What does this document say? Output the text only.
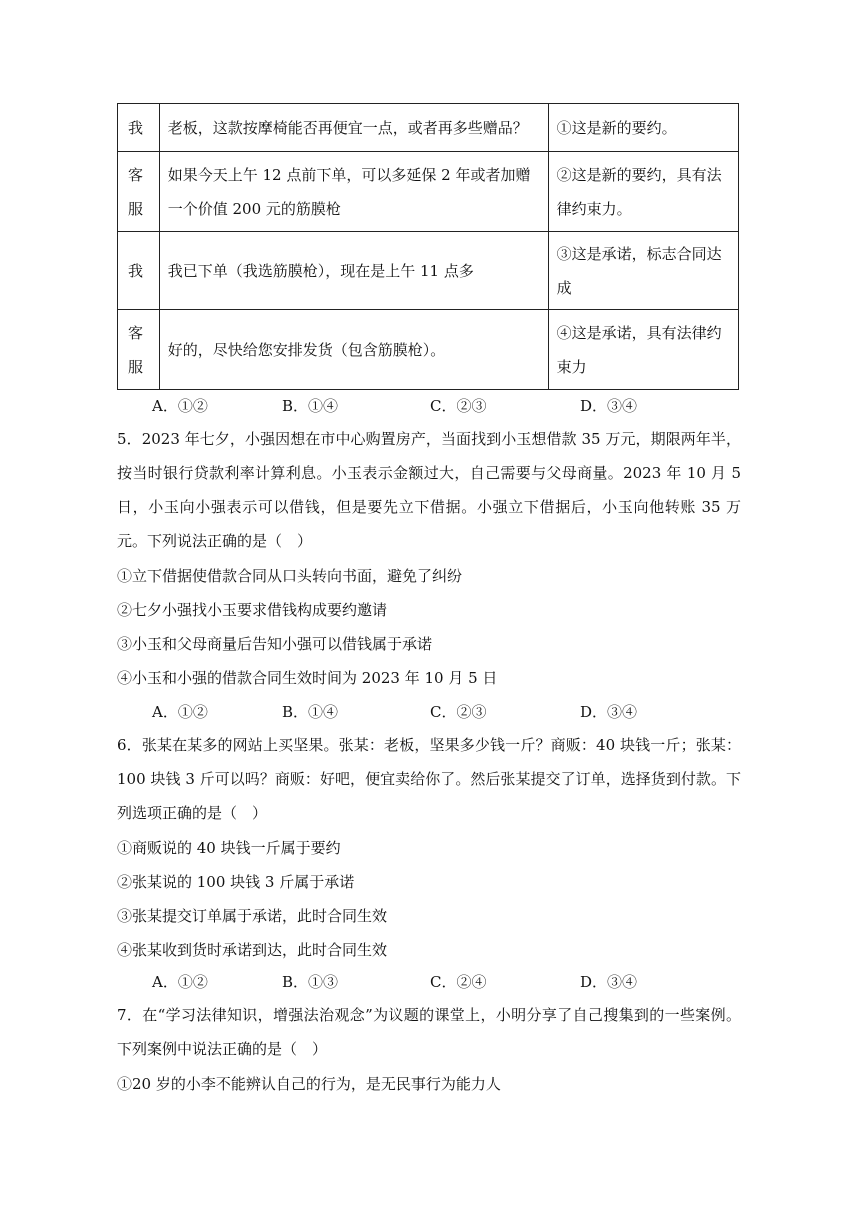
我	老板，这款按摩椅能否再便宜一点，或者再多些赠品？	①这是新的要约。
客服	如果今天上午 12 点前下单，可以多延保 2 年或者加赠一个价值 200 元的筋膜枪	②这是新的要约，具有法律约束力。
我	我已下单（我选筋膜枪），现在是上午 11 点多	③这是承诺，标志合同达成
客服	好的，尽快给您安排发货（包含筋膜枪）。	④这是承诺，具有法律约束力
A．①②	B．①④	C．②③	D．③④
5．2023 年七夕，小强因想在市中心购置房产，当面找到小玉想借款 35 万元，期限两年半，按当时银行贷款利率计算利息。小玉表示金额过大，自己需要与父母商量。2023 年 10 月 5 日，小玉向小强表示可以借钱，但是要先立下借据。小强立下借据后，小玉向他转账 35 万元。下列说法正确的是（　）
①立下借据使借款合同从口头转向书面，避免了纠纷
②七夕小强找小玉要求借钱构成要约邀请
③小玉和父母商量后告知小强可以借钱属于承诺
④小玉和小强的借款合同生效时间为 2023 年 10 月 5 日
A．①②	B．①④	C．②③	D．③④
6．张某在某多的网站上买坚果。张某：老板，坚果多少钱一斤？商贩：40 块钱一斤；张某：100 块钱 3 斤可以吗？商贩：好吧，便宜卖给你了。然后张某提交了订单，选择货到付款。下列选项正确的是（　）
①商贩说的 40 块钱一斤属于要约
②张某说的 100 块钱 3 斤属于承诺
③张某提交订单属于承诺，此时合同生效
④张某收到货时承诺到达，此时合同生效
A．①②	B．①③	C．②④	D．③④
7．在“学习法律知识，增强法治观念”为议题的课堂上，小明分享了自己搜集到的一些案例。下列案例中说法正确的是（　）
①20 岁的小李不能辨认自己的行为，是无民事行为能力人
